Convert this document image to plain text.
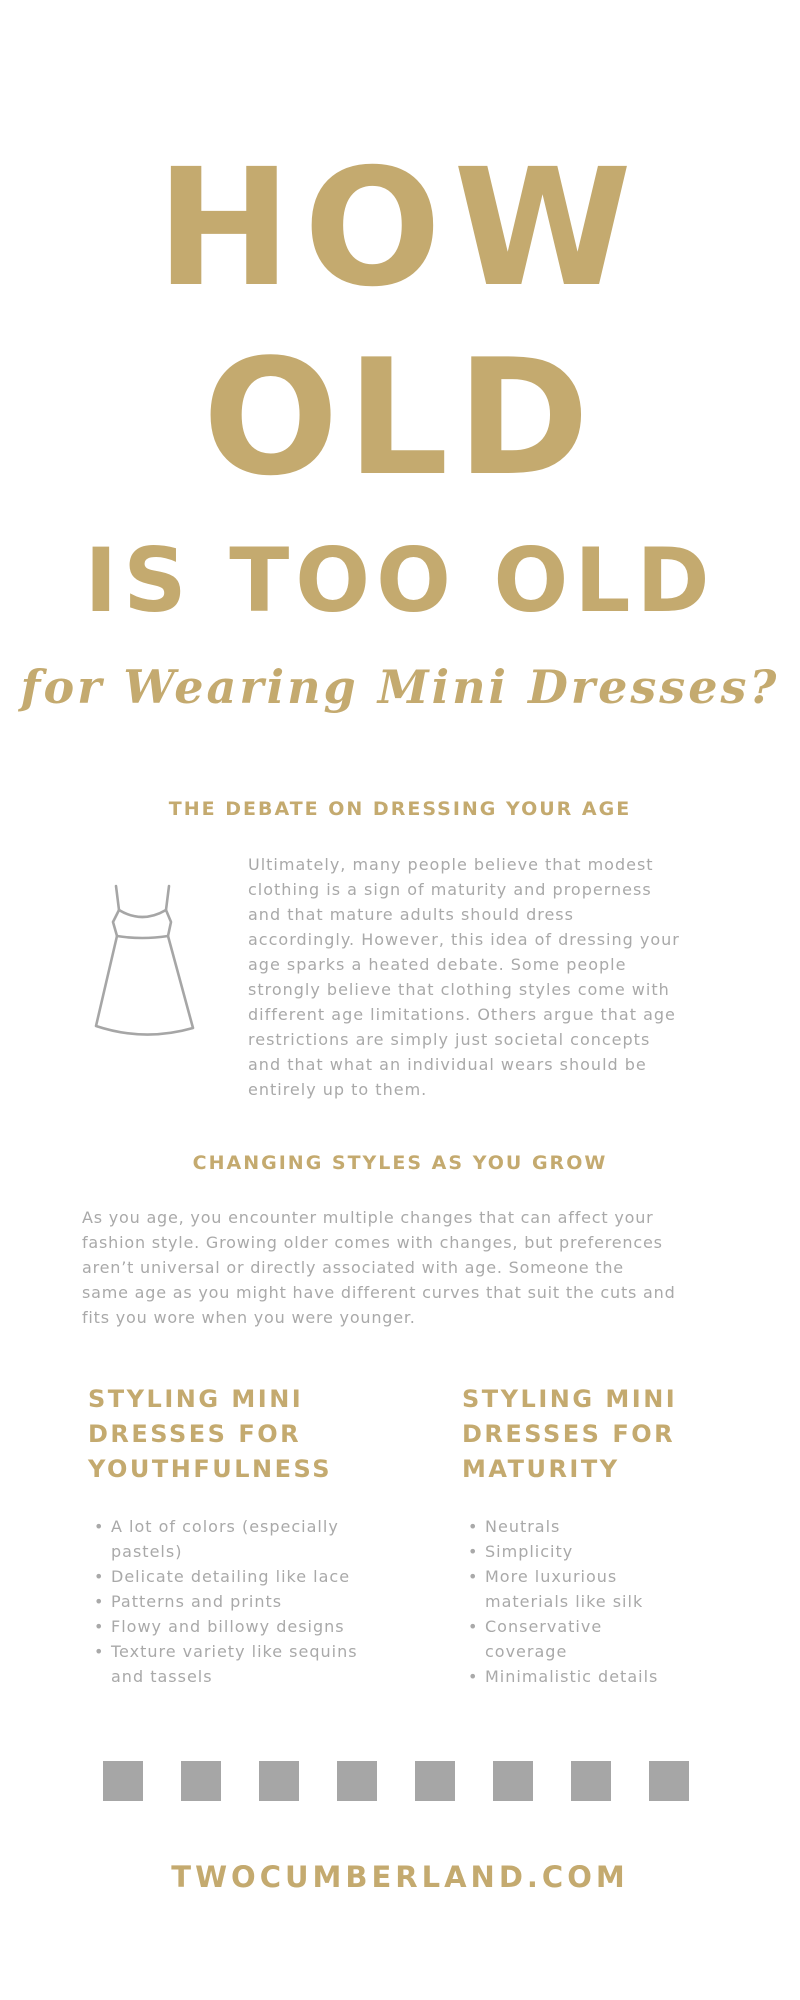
HOW
OLD
IS TOO OLD
for Wearing Mini Dresses?
THE DEBATE ON DRESSING YOUR AGE
Ultimately, many people believe that modest
clothing is a sign of maturity and properness
and that mature adults should dress
accordingly. However, this idea of dressing your
age sparks a heated debate. Some people
strongly believe that clothing styles come with
different age limitations. Others argue that age
restrictions are simply just societal concepts
and that what an individual wears should be
entirely up to them.
CHANGING STYLES AS YOU GROW
As you age, you encounter multiple changes that can affect your
fashion style. Growing older comes with changes, but preferences
aren’t universal or directly associated with age. Someone the
same age as you might have different curves that suit the cuts and
fits you wore when you were younger.
STYLING MINI
DRESSES FOR
YOUTHFULNESS
• A lot of colors (especially
pastels)
• Delicate detailing like lace
• Patterns and prints
• Flowy and billowy designs
• Texture variety like sequins
and tassels
STYLING MINI
DRESSES FOR
MATURITY
• Neutrals
• Simplicity
• More luxurious
materials like silk
• Conservative
coverage
• Minimalistic details
TWOCUMBERLAND.COM
